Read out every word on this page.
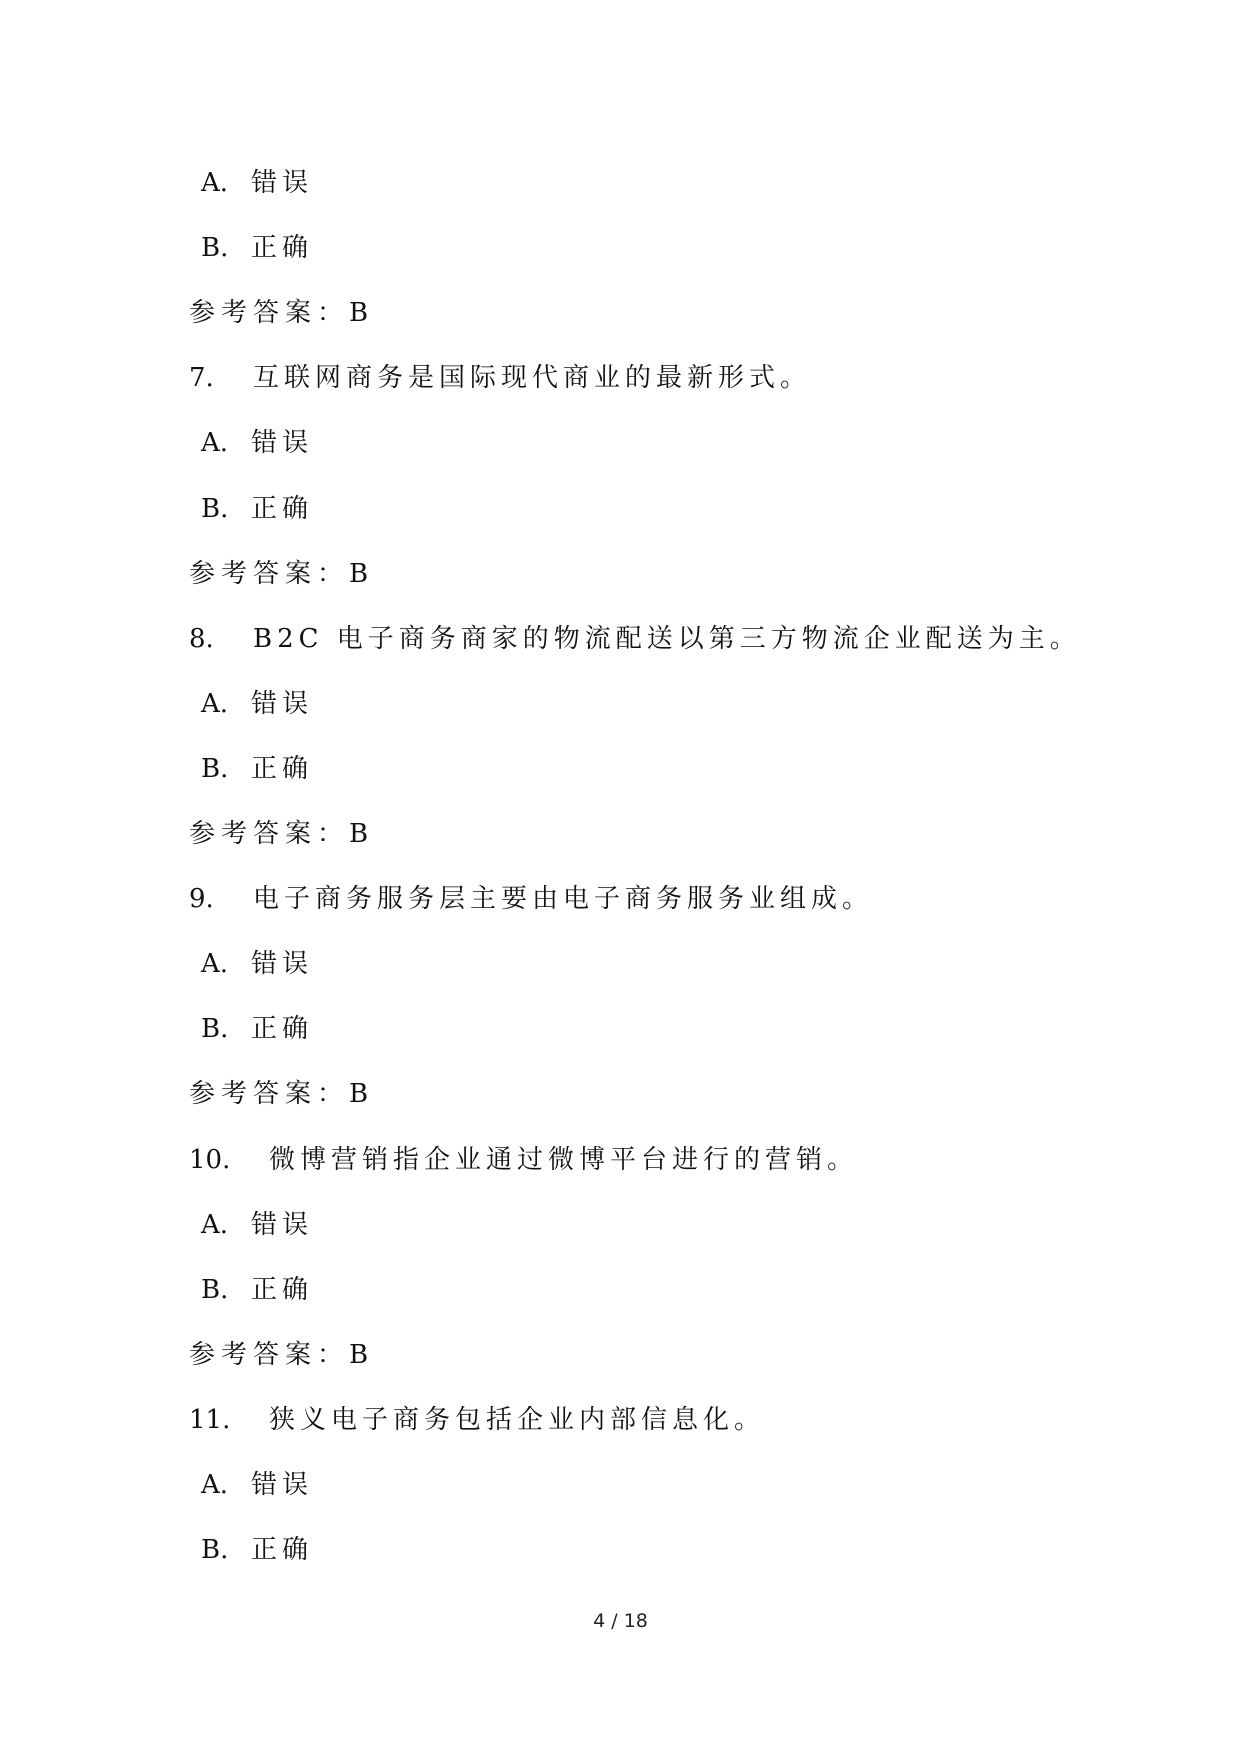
A. 错误
B. 正确
参考答案：B
7. 互联网商务是国际现代商业的最新形式。
A. 错误
B. 正确
参考答案：B
8. B2C 电子商务商家的物流配送以第三方物流企业配送为主。
A. 错误
B. 正确
参考答案：B
9. 电子商务服务层主要由电子商务服务业组成。
A. 错误
B. 正确
参考答案：B
10. 微博营销指企业通过微博平台进行的营销。
A. 错误
B. 正确
参考答案：B
11. 狭义电子商务包括企业内部信息化。
A. 错误
B. 正确
4 / 18
